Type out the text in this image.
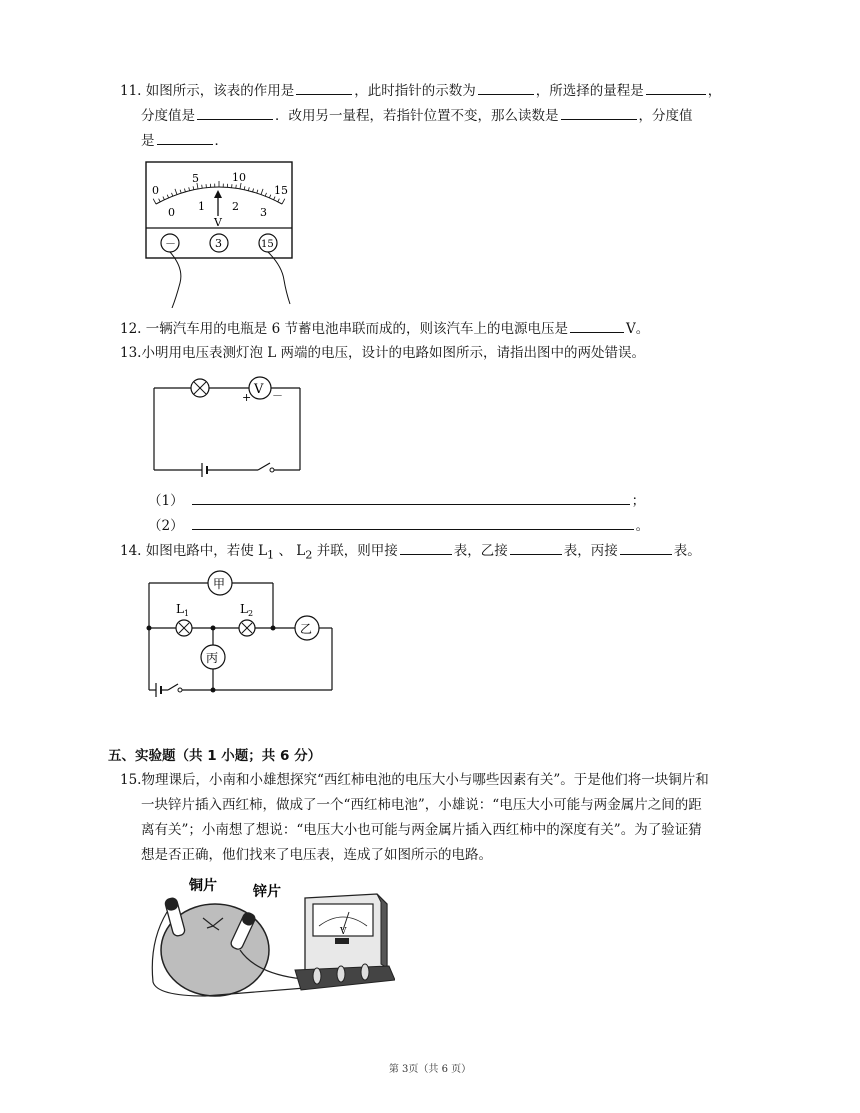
11. 如图所示，该表的作用是	，此时指针的示数为	，所选择的量程是	，
分度值是	．改用另一量程，若指针位置不变，那么读数是	，分度值
是	．
0
5	10
15
0 1 2 3
V
－	3	15
12. 一辆汽车用的电瓶是 6 节蓄电池串联而成的，则该汽车上的电源电压是	V。
13.小明用电压表测灯泡 L 两端的电压，设计的电路如图所示，请指出图中的两处错误。
V
+ －
（1）	；
（2）	。
14. 如图电路中，若使 $L_1$ 、 $L_2$ 并联，则甲接	表，乙接	表，丙接	表。
甲
L 1	L 2
乙
丙
五、实验题（共 1 小题；共 6 分）
15.物理课后，小南和小雄想探究“西红柿电池的电压大小与哪些因素有关”。于是他们将一块铜片和
一块锌片插入西红柿，做成了一个“西红柿电池”，小雄说：“电压大小可能与两金属片之间的距
离有关”；小南想了想说：“电压大小也可能与两金属片插入西红柿中的深度有关”。为了验证猜
想是否正确，他们找来了电压表，连成了如图所示的电路。
铜片	锌片
V
第 3页（共 6 页）
